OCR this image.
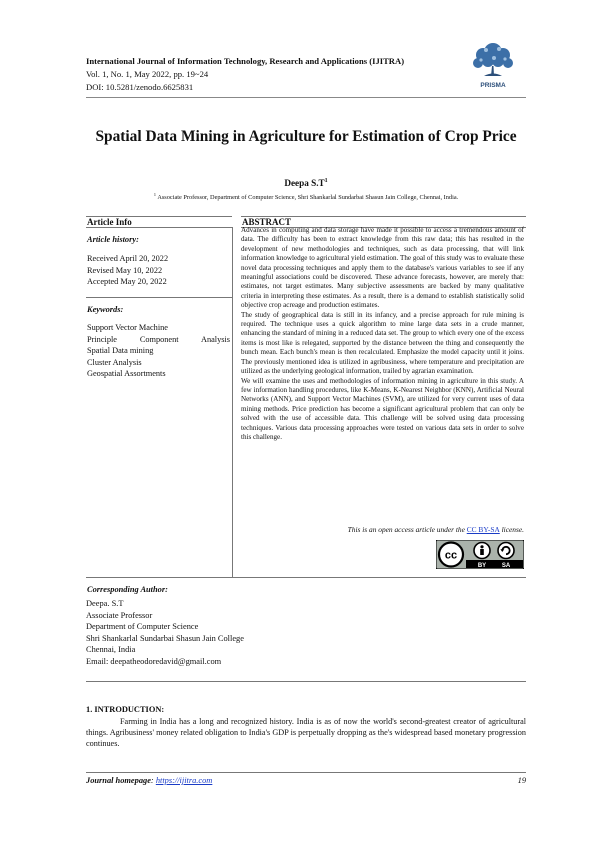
International Journal of Information Technology, Research and Applications (IJITRA)
Vol. 1, No. 1, May 2022, pp. 19~24
DOI: 10.5281/zenodo.6625831	PRISMA
Spatial Data Mining in Agriculture for Estimation of Crop Price
Deepa $S.T^1$
$^1$ Associate Professor, Department of Computer Science, Shri Shankarlal Sundarbai Shasun Jain College, Chennai, India.
Article Info	ABSTRACT
Article history:
Received April 20, 2022
Revised May 10, 2022
Accepted May 20, 2022
Keywords:
Support Vector Machine
Principle Component Analysis
Spatial Data mining
Cluster Analysis
Geospatial Assortments

Advances in computing and data storage have made it possible to access a tremendous amount of data. The difficulty has been to extract knowledge from this raw data; this has resulted in the development of new methodologies and techniques, such as data processing, that will link information knowledge to agricultural yield estimation. The goal of this study was to evaluate these novel data processing techniques and apply them to the database's various variables to see if any meaningful associations could be discovered. These advance forecasts, however, are merely that: estimates, not target estimates. Many subjective assessments are backed by many qualitative criteria in interpreting these estimates. As a result, there is a demand to establish statistically solid objective crop acreage and production estimates.

The study of geographical data is still in its infancy, and a precise approach for rule mining is required. The technique uses a quick algorithm to mine large data sets in a crude manner, enhancing the standard of mining in a reduced data set. The group to which every one of the excess items is most like is relegated, supported by the distance between the thing and consequently the bunch mean. Each bunch's mean is then recalculated. Emphasize the model capacity until it joins. The previously mentioned idea is utilized in agribusiness, where temperature and precipitation are utilized as the underlying geological information, trailed by agrarian examination.

We will examine the uses and methodologies of information mining in agriculture in this study. A few information handling procedures, like K-Means, K-Nearest Neighbor (KNN), Artificial Neural Networks (ANN), and Support Vector Machines (SVM), are utilized for very current uses of data mining methods. Price prediction has become a significant agricultural problem that can only be solved with the use of accessible data. This challenge will be solved using data processing techniques. Various data processing approaches were tested on various data sets in order to solve this challenge.

This is an open access article under the CC BY-SA license.
cc
BY	SA
Corresponding Author:
Deepa. S.T
Associate Professor
Department of Computer Science
Shri Shankarlal Sundarbai Shasun Jain College
Chennai, India
Email: deepatheodoredavid@gmail.com
1. INTRODUCTION:
Farming in India has a long and recognized history. India is as of now the world's second-greatest creator of agricultural things. Agribusiness' money related obligation to India's GDP is perpetually dropping as the's widespread based monetary progression continues.
Journal homepage: https://ijitra.com	19
